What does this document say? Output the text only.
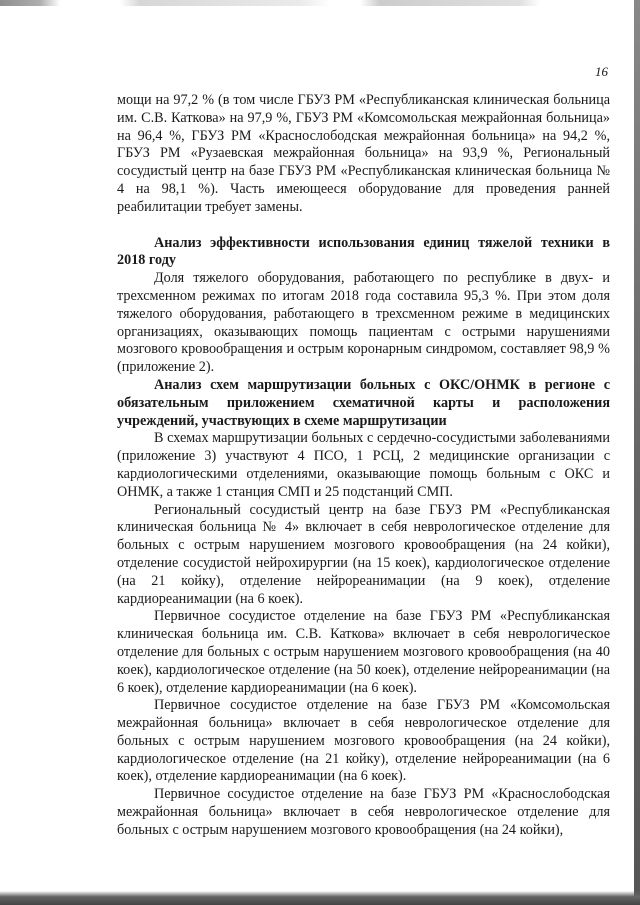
16

мощи на 97,2 % (в том числе ГБУЗ РМ «Республиканская клиническая больница им. С.В. Каткова» на 97,9 %, ГБУЗ РМ «Комсомольская межрайонная больница» на 96,4 %, ГБУЗ РМ «Краснослободская межрайонная больница» на 94,2 %, ГБУЗ РМ «Рузаевская межрайонная больница» на 93,9 %, Региональный сосудистый центр на базе ГБУЗ РМ «Республиканская клиническая больница № 4 на 98,1 %). Часть имеющееся оборудование для проведения ранней реабилитации требует замены.

Анализ эффективности использования единиц тяжелой техники в 2018 году

Доля тяжелого оборудования, работающего по республике в двух- и трехсменном режимах по итогам 2018 года составила 95,3 %. При этом доля тяжелого оборудования, работающего в трехсменном режиме в медицинских организациях, оказывающих помощь пациентам с острыми нарушениями мозгового кровообращения и острым коронарным синдромом, составляет 98,9 % (приложение 2).

Анализ схем маршрутизации больных с ОКС/ОНМК в регионе с обязательным приложением схематичной карты и расположения учреждений, участвующих в схеме маршрутизации

В схемах маршрутизации больных с сердечно-сосудистыми заболеваниями (приложение 3) участвуют 4 ПСО, 1 РСЦ, 2 медицинские организации с кардиологическими отделениями, оказывающие помощь больным с ОКС и ОНМК, а также 1 станция СМП и 25 подстанций СМП.

Региональный сосудистый центр на базе ГБУЗ РМ «Республиканская клиническая больница № 4» включает в себя неврологическое отделение для больных с острым нарушением мозгового кровообращения (на 24 койки), отделение сосудистой нейрохирургии (на 15 коек), кардиологическое отделение (на 21 койку), отделение нейрореанимации (на 9 коек), отделение кардиореанимации (на 6 коек).

Первичное сосудистое отделение на базе ГБУЗ РМ «Республиканская клиническая больница им. С.В. Каткова» включает в себя неврологическое отделение для больных с острым нарушением мозгового кровообращения (на 40 коек), кардиологическое отделение (на 50 коек), отделение нейрореанимации (на 6 коек), отделение кардиореанимации (на 6 коек).

Первичное сосудистое отделение на базе ГБУЗ РМ «Комсомольская межрайонная больница» включает в себя неврологическое отделение для больных с острым нарушением мозгового кровообращения (на 24 койки), кардиологическое отделение (на 21 койку), отделение нейрореанимации (на 6 коек), отделение кардиореанимации (на 6 коек).

Первичное сосудистое отделение на базе ГБУЗ РМ «Краснослободская межрайонная больница» включает в себя неврологическое отделение для больных с острым нарушением мозгового кровообращения (на 24 койки),
